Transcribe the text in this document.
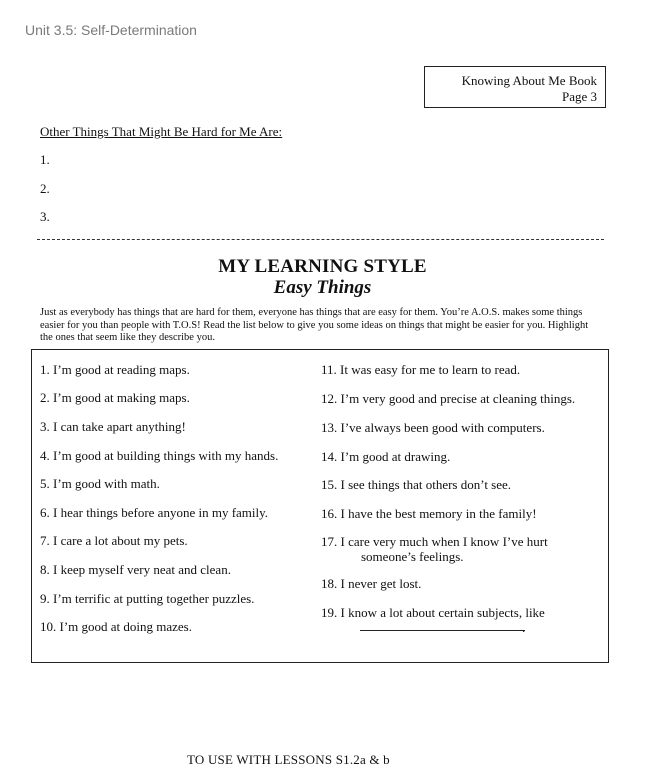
Unit 3.5: Self-Determination
Knowing About Me Book
Page 3
Other Things That Might Be Hard for Me Are:
1.
2.
3.
MY LEARNING STYLE
Easy Things
Just as everybody has things that are hard for them, everyone has things that are easy for them. You’re A.O.S. makes some things easier for you than people with T.O.S! Read the list below to give you some ideas on things that might be easier for you. Highlight the ones that seem like they describe you.
1. I’m good at reading maps.
2. I’m good at making maps.
3. I can take apart anything!
4. I’m good at building things with my hands.
5. I’m good with math.
6. I hear things before anyone in my family.
7. I care a lot about my pets.
8. I keep myself very neat and clean.
9. I’m terrific at putting together puzzles.
10. I’m good at doing mazes.
11. It was easy for me to learn to read.
12. I’m very good and precise at cleaning things.
13. I’ve always been good with computers.
14. I’m good at drawing.
15. I see things that others don’t see.
16. I have the best memory in the family!
17. I care very much when I know I’ve hurt
someone’s feelings.
18. I never get lost.
19. I know a lot about certain subjects, like
.
TO USE WITH LESSONS S1.2a & b
